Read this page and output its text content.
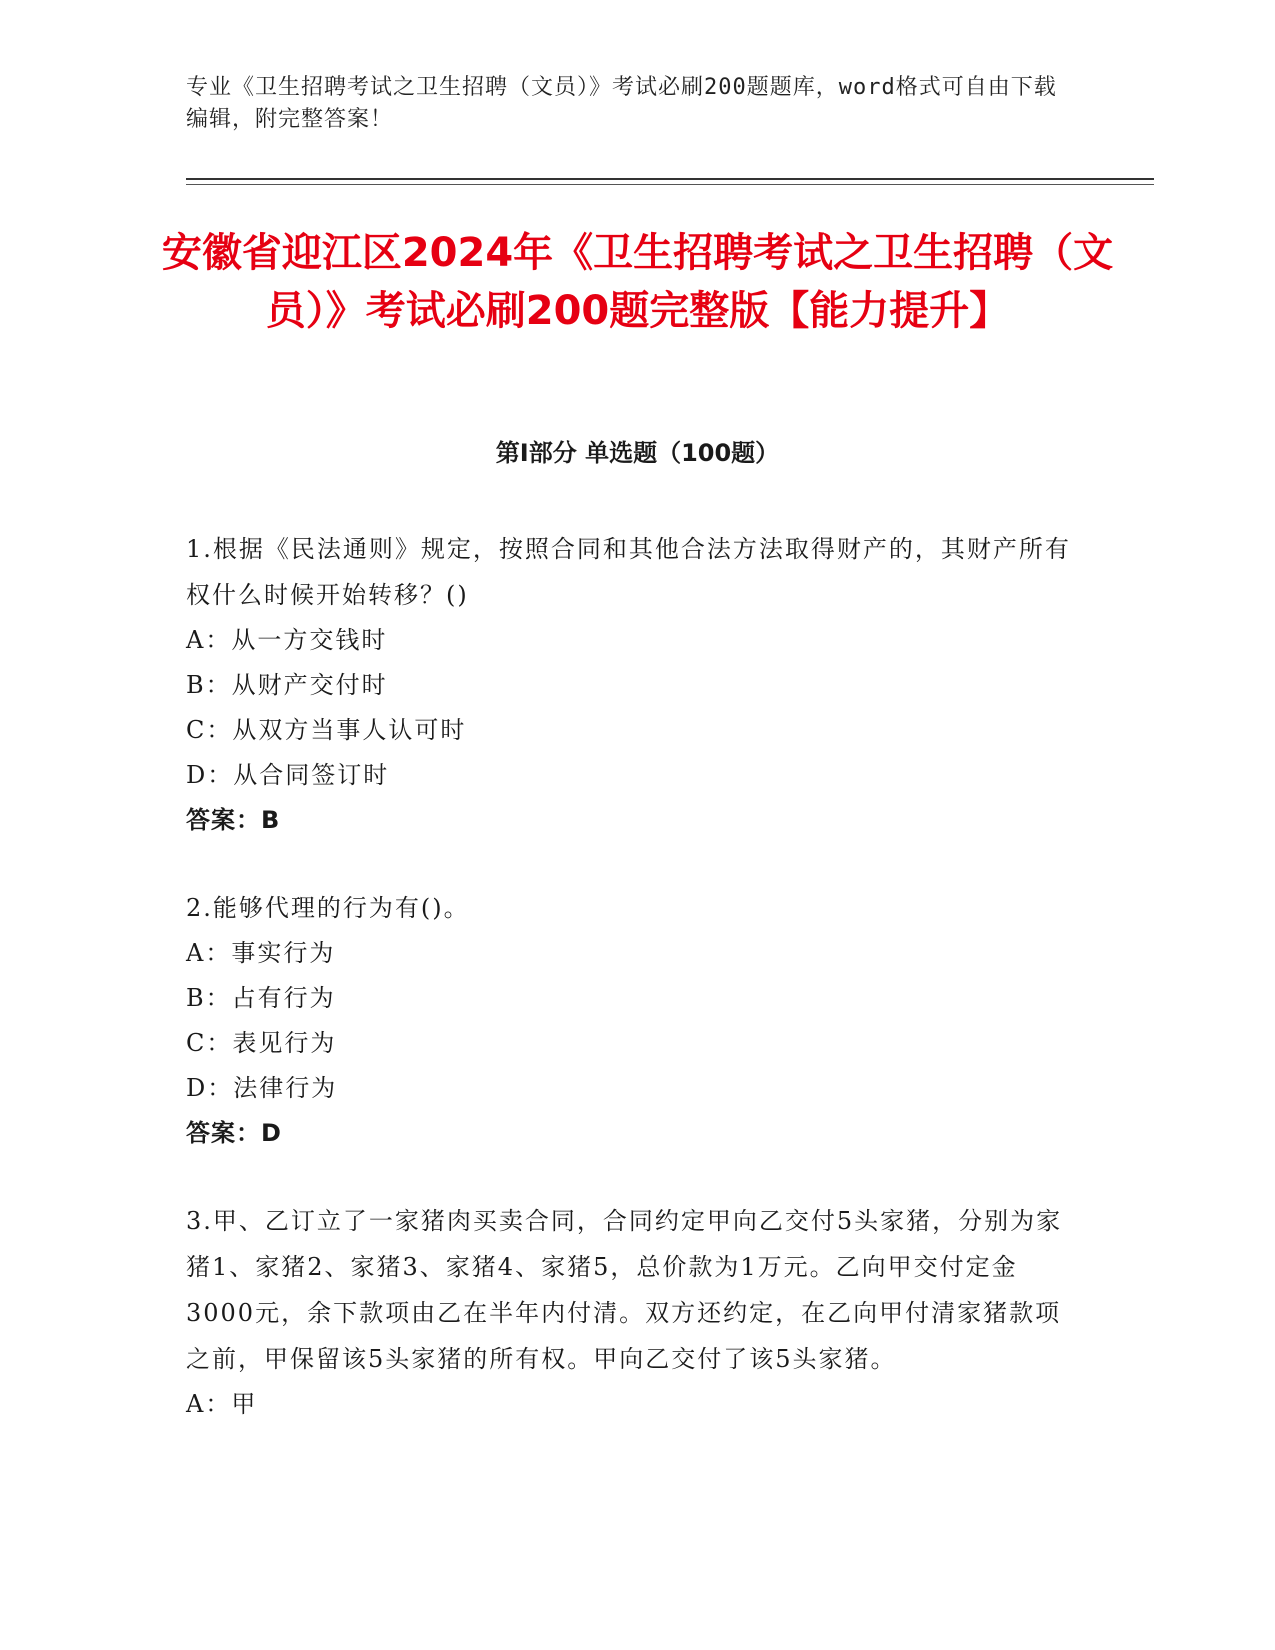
专业《卫生招聘考试之卫生招聘（文员）》考试必刷200题题库，word格式可自由下载编辑，附完整答案！
安徽省迎江区2024年《卫生招聘考试之卫生招聘（文员）》考试必刷200题完整版【能力提升】
第Ⅰ部分 单选题（100题）

1.根据《民法通则》规定，按照合同和其他合法方法取得财产的，其财产所有权什么时候开始转移？()

A：从一方交钱时

B：从财产交付时

C：从双方当事人认可时

D：从合同签订时

答案：B

2.能够代理的行为有()。

A：事实行为

B：占有行为

C：表见行为

D：法律行为

答案：D

3.甲、乙订立了一家猪肉买卖合同，合同约定甲向乙交付5头家猪，分别为家猪1、家猪2、家猪3、家猪4、家猪5，总价款为1万元。乙向甲交付定金3000元，余下款项由乙在半年内付清。双方还约定，在乙向甲付清家猪款项之前，甲保留该5头家猪的所有权。甲向乙交付了该5头家猪。

A：甲
